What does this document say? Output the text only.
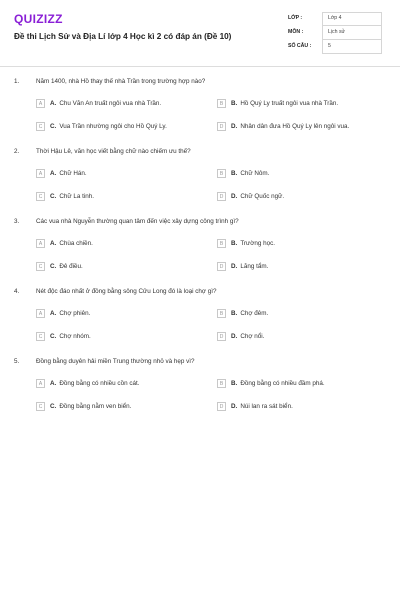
QUIZIZZ
Đề thi Lịch Sử và Địa Lí lớp 4 Học kì 2 có đáp án (Đề 10)
LỚP :	Lớp 4
MÔN :	Lịch sử
SỐ CÂU :	5
1.	Năm 1400, nhà Hồ thay thế nhà Trần trong trường hợp nào?
A	A. Chu Văn An truất ngôi vua nhà Trần.	B	B. Hồ Quý Ly truất ngôi vua nhà Trần.
C	C. Vua Trần nhường ngôi cho Hồ Quý Ly.	D	D. Nhân dân đưa Hồ Quý Ly lên ngôi vua.
2.	Thời Hậu Lê, văn học viết bằng chữ nào chiếm ưu thế?
A	A. Chữ Hán.	B	B. Chữ Nôm.
C	C. Chữ La tinh.	D	D. Chữ Quốc ngữ.
3.	Các vua nhà Nguyễn thường quan tâm đến việc xây dựng công trình gì?
A	A. Chùa chiền.	B	B. Trường học.
C	C. Đê điều.	D	D. Lăng tẩm.
4.	Nét độc đáo nhất ở đồng bằng sông Cửu Long đó là loại chợ gì?
A	A. Chợ phiên.	B	B. Chợ đêm.
C	C. Chợ nhóm.	D	D. Chợ nổi.
5.	Đồng bằng duyên hải miền Trung thường nhỏ và hẹp vì?
A	A. Đồng bằng có nhiều cồn cát.	B	B. Đồng bằng có nhiều đầm phá.
C	C. Đồng bằng nằm ven biển.	D	D. Núi lan ra sát biển.
